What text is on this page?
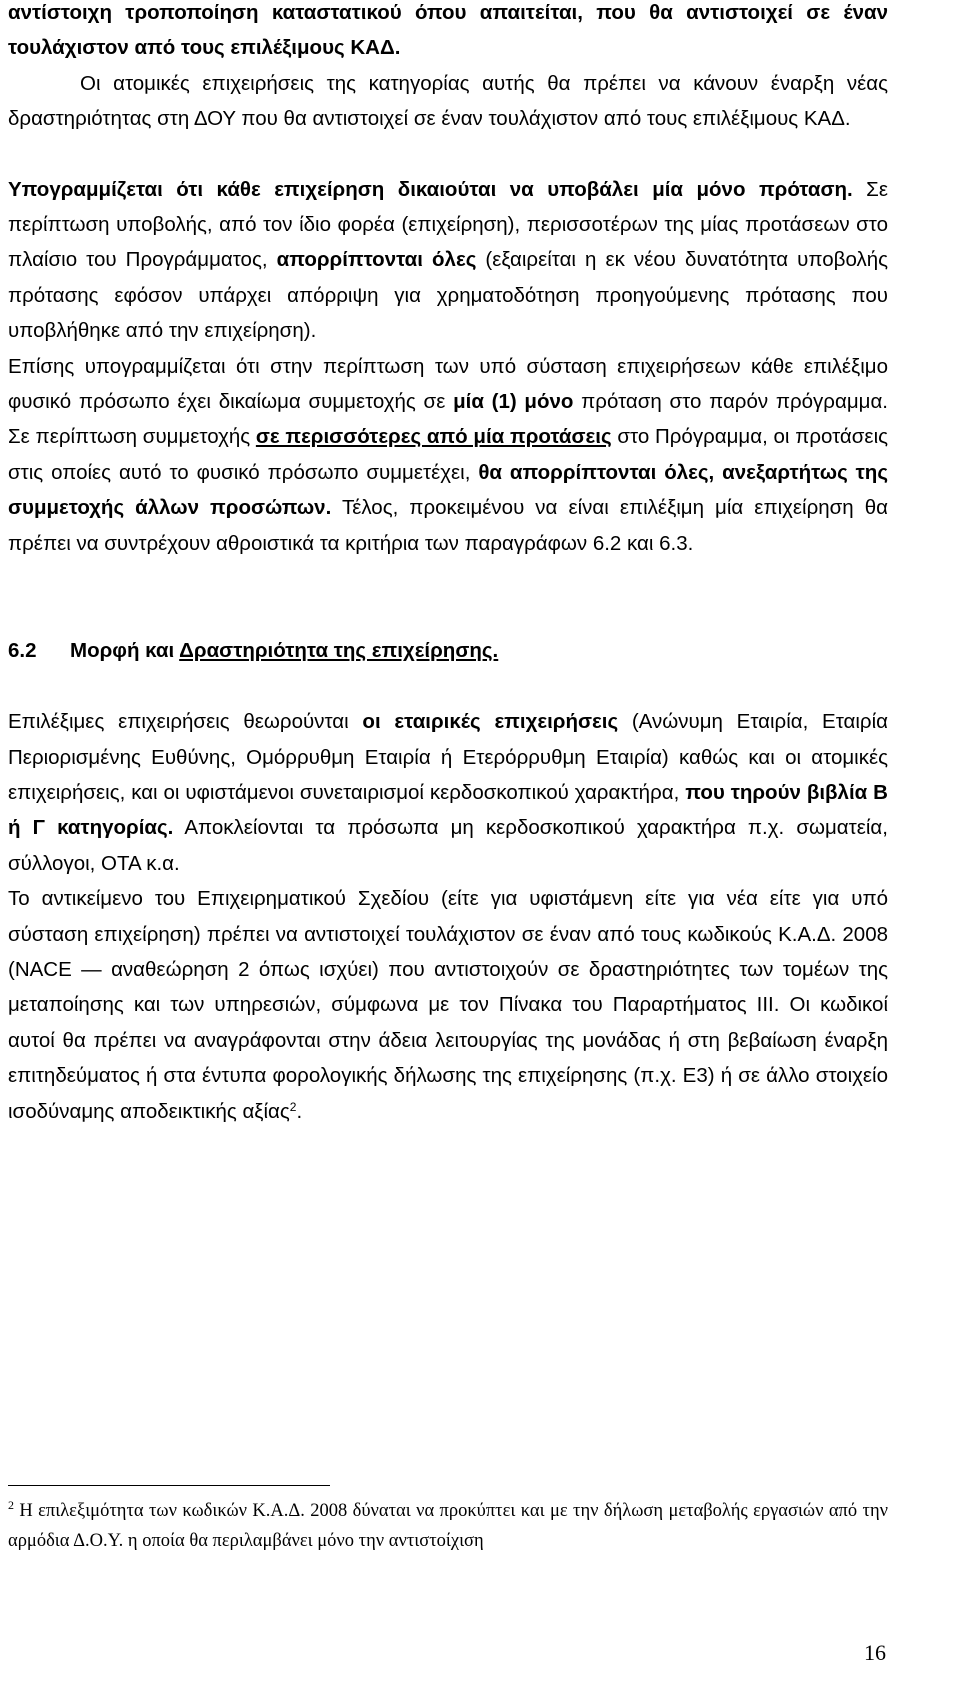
αντίστοιχη τροποποίηση καταστατικού όπου απαιτείται, που θα αντιστοιχεί σε έναν τουλάχιστον από τους επιλέξιμους ΚΑΔ.

Οι ατομικές επιχειρήσεις της κατηγορίας αυτής θα πρέπει να κάνουν έναρξη νέας δραστηριότητας στη ΔΟΥ που θα αντιστοιχεί σε έναν τουλάχιστον από τους επιλέξιμους ΚΑΔ.

Υπογραμμίζεται ότι κάθε επιχείρηση δικαιούται να υποβάλει μία μόνο πρόταση. Σε περίπτωση υποβολής, από τον ίδιο φορέα (επιχείρηση), περισσοτέρων της μίας προτάσεων στο πλαίσιο του Προγράμματος, απορρίπτονται όλες (εξαιρείται η εκ νέου δυνατότητα υποβολής πρότασης εφόσον υπάρχει απόρριψη για χρηματοδότηση προηγούμενης πρότασης που υποβλήθηκε από την επιχείρηση).

Επίσης υπογραμμίζεται ότι στην περίπτωση των υπό σύσταση επιχειρήσεων κάθε επιλέξιμο φυσικό πρόσωπο έχει δικαίωμα συμμετοχής σε μία (1) μόνο πρόταση στο παρόν πρόγραμμα. Σε περίπτωση συμμετοχής σε περισσότερες από μία προτάσεις στο Πρόγραμμα, οι προτάσεις στις οποίες αυτό το φυσικό πρόσωπο συμμετέχει, θα απορρίπτονται όλες, ανεξαρτήτως της συμμετοχής άλλων προσώπων. Τέλος, προκειμένου να είναι επιλέξιμη μία επιχείρηση θα πρέπει να συντρέχουν αθροιστικά τα κριτήρια των παραγράφων 6.2 και 6.3.

6.2 Μορφή και Δραστηριότητα της επιχείρησης.

Επιλέξιμες επιχειρήσεις θεωρούνται οι εταιρικές επιχειρήσεις (Ανώνυμη Εταιρία, Εταιρία Περιορισμένης Ευθύνης, Ομόρρυθμη Εταιρία ή Ετερόρρυθμη Εταιρία) καθώς και οι ατομικές επιχειρήσεις, και οι υφιστάμενοι συνεταιρισμοί κερδοσκοπικού χαρακτήρα, που τηρούν βιβλία Β ή Γ κατηγορίας. Αποκλείονται τα πρόσωπα μη κερδοσκοπικού χαρακτήρα π.χ. σωματεία, σύλλογοι, ΟΤΑ κ.α.

Το αντικείμενο του Επιχειρηματικού Σχεδίου (είτε για υφιστάμενη είτε για νέα είτε για υπό σύσταση επιχείρηση) πρέπει να αντιστοιχεί τουλάχιστον σε έναν από τους κωδικούς Κ.Α.Δ. 2008 (NACE — αναθεώρηση 2 όπως ισχύει) που αντιστοιχούν σε δραστηριότητες των τομέων της μεταποίησης και των υπηρεσιών, σύμφωνα με τον Πίνακα του Παραρτήματος ΙΙΙ. Οι κωδικοί αυτοί θα πρέπει να αναγράφονται στην άδεια λειτουργίας της μονάδας ή στη βεβαίωση έναρξη επιτηδεύματος ή στα έντυπα φορολογικής δήλωσης της επιχείρησης (π.χ. Ε3) ή σε άλλο στοιχείο ισοδύναμης αποδεικτικής αξίας$^2$.

$^2$ Η επιλεξιμότητα των κωδικών Κ.Α.Δ. 2008 δύναται να προκύπτει και με την δήλωση μεταβολής εργασιών από την αρμόδια Δ.Ο.Υ. η οποία θα περιλαμβάνει μόνο την αντιστοίχιση

16
